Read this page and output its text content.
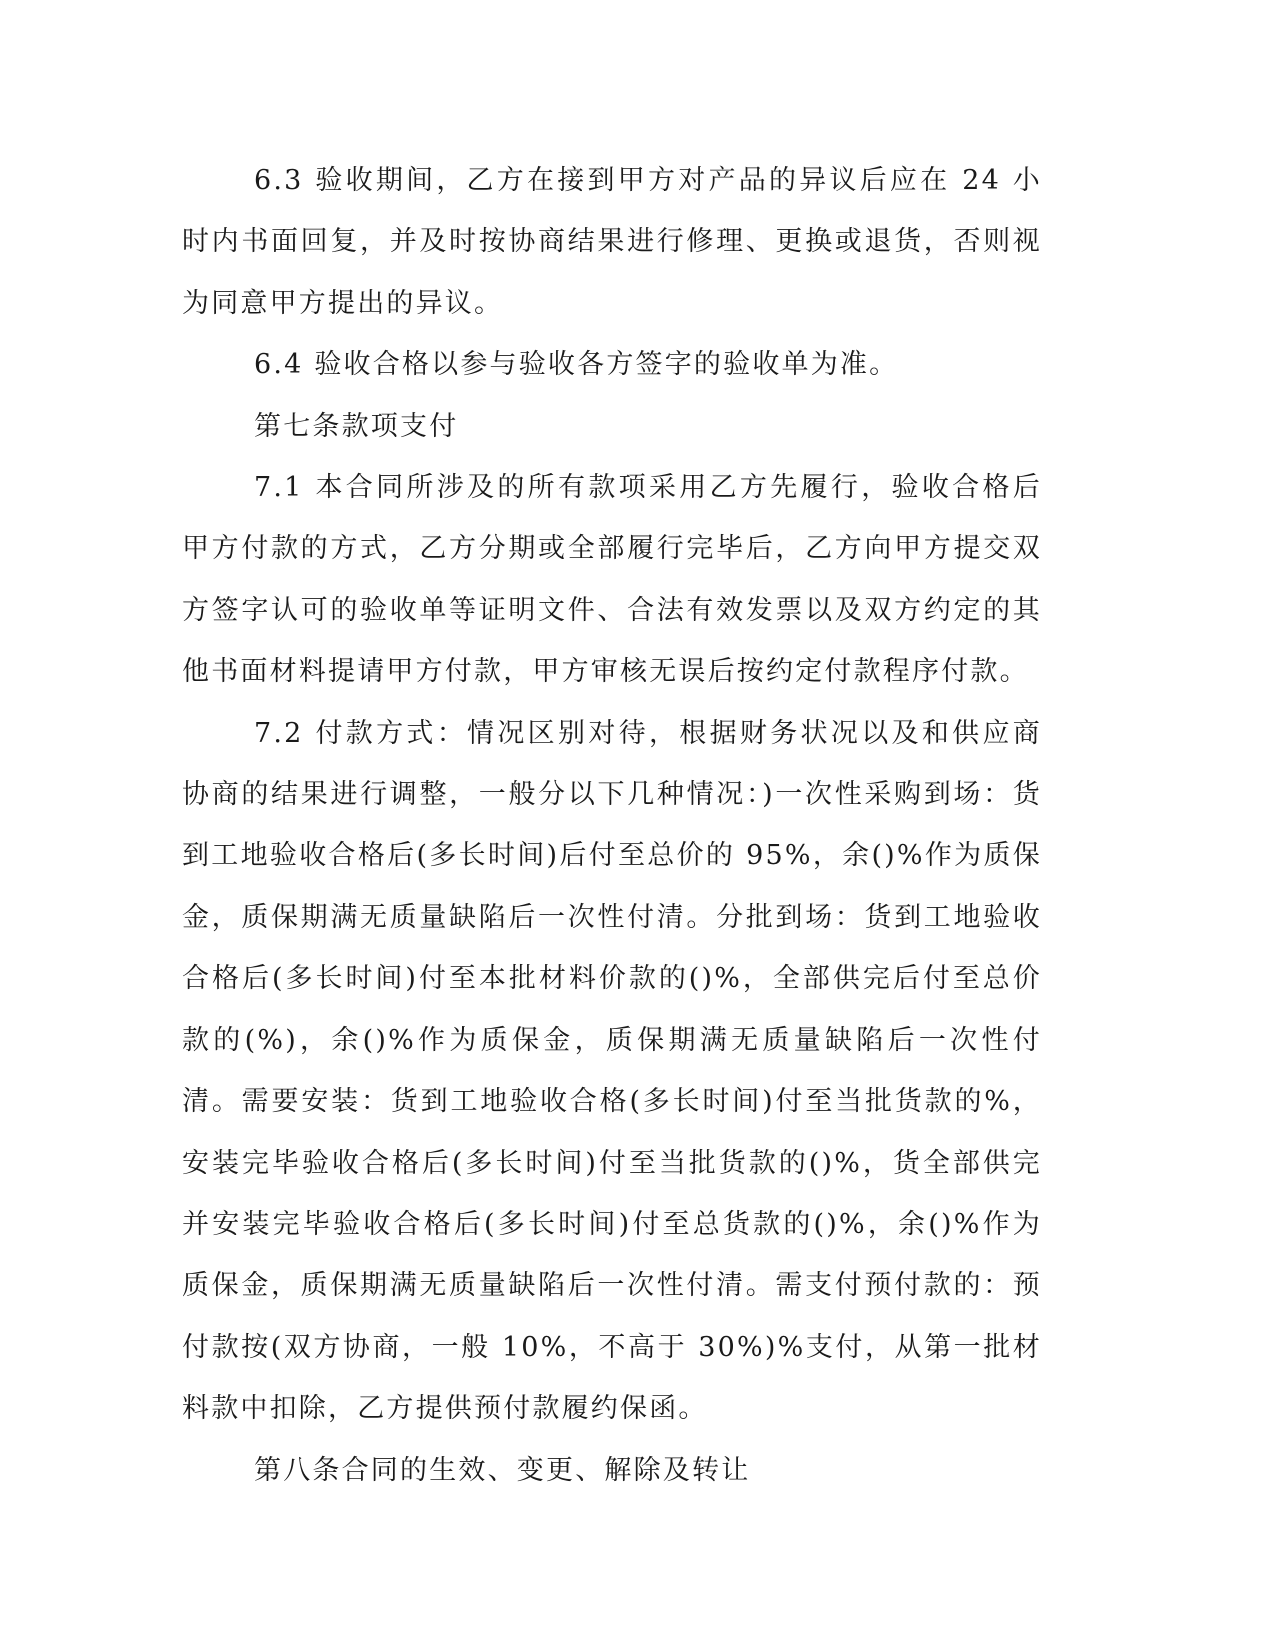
6.3 验收期间，乙方在接到甲方对产品的异议后应在 24 小时内书面回复，并及时按协商结果进行修理、更换或退货，否则视为同意甲方提出的异议。

6.4 验收合格以参与验收各方签字的验收单为准。

第七条款项支付

7.1 本合同所涉及的所有款项采用乙方先履行，验收合格后甲方付款的方式，乙方分期或全部履行完毕后，乙方向甲方提交双方签字认可的验收单等证明文件、合法有效发票以及双方约定的其他书面材料提请甲方付款，甲方审核无误后按约定付款程序付款。

7.2 付款方式：情况区别对待，根据财务状况以及和供应商协商的结果进行调整，一般分以下几种情况：)一次性采购到场：货到工地验收合格后(多长时间)后付至总价的 95%，余()%作为质保金，质保期满无质量缺陷后一次性付清。分批到场：货到工地验收合格后(多长时间)付至本批材料价款的()%，全部供完后付至总价款的(%)，余()%作为质保金，质保期满无质量缺陷后一次性付清。需要安装：货到工地验收合格(多长时间)付至当批货款的%，安装完毕验收合格后(多长时间)付至当批货款的()%，货全部供完并安装完毕验收合格后(多长时间)付至总货款的()%，余()%作为质保金，质保期满无质量缺陷后一次性付清。需支付预付款的：预付款按(双方协商，一般 10%，不高于 30%)%支付，从第一批材料款中扣除，乙方提供预付款履约保函。

第八条合同的生效、变更、解除及转让
